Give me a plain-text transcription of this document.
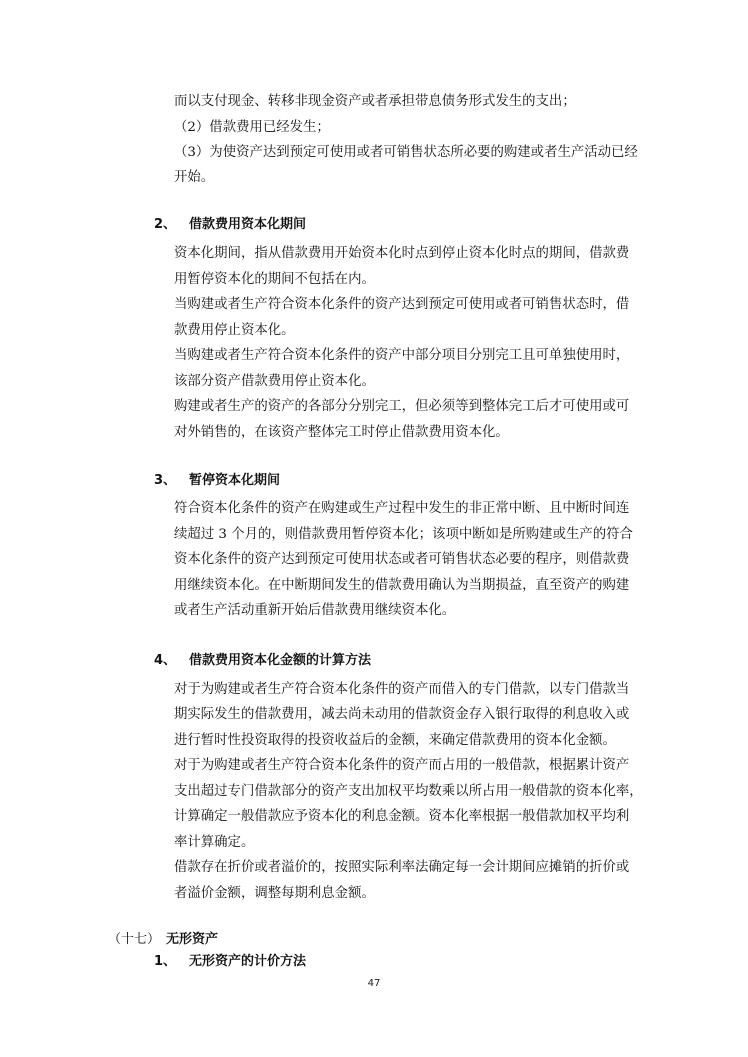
而以支付现金、转移非现金资产或者承担带息债务形式发生的支出；

（2）借款费用已经发生；

（3）为使资产达到预定可使用或者可销售状态所必要的购建或者生产活动已经

开始。

2、 借款费用资本化期间

资本化期间，指从借款费用开始资本化时点到停止资本化时点的期间，借款费

用暂停资本化的期间不包括在内。

当购建或者生产符合资本化条件的资产达到预定可使用或者可销售状态时，借

款费用停止资本化。

当购建或者生产符合资本化条件的资产中部分项目分别完工且可单独使用时，

该部分资产借款费用停止资本化。

购建或者生产的资产的各部分分别完工，但必须等到整体完工后才可使用或可

对外销售的，在该资产整体完工时停止借款费用资本化。

3、 暂停资本化期间

符合资本化条件的资产在购建或生产过程中发生的非正常中断、且中断时间连

续超过 3 个月的，则借款费用暂停资本化；该项中断如是所购建或生产的符合

资本化条件的资产达到预定可使用状态或者可销售状态必要的程序，则借款费

用继续资本化。在中断期间发生的借款费用确认为当期损益，直至资产的购建

或者生产活动重新开始后借款费用继续资本化。

4、 借款费用资本化金额的计算方法

对于为购建或者生产符合资本化条件的资产而借入的专门借款，以专门借款当

期实际发生的借款费用，减去尚未动用的借款资金存入银行取得的利息收入或

进行暂时性投资取得的投资收益后的金额，来确定借款费用的资本化金额。

对于为购建或者生产符合资本化条件的资产而占用的一般借款，根据累计资产

支出超过专门借款部分的资产支出加权平均数乘以所占用一般借款的资本化率，

计算确定一般借款应予资本化的利息金额。资本化率根据一般借款加权平均利

率计算确定。

借款存在折价或者溢价的，按照实际利率法确定每一会计期间应摊销的折价或

者溢价金额，调整每期利息金额。

（十七） 无形资产
1、 无形资产的计价方法
47
